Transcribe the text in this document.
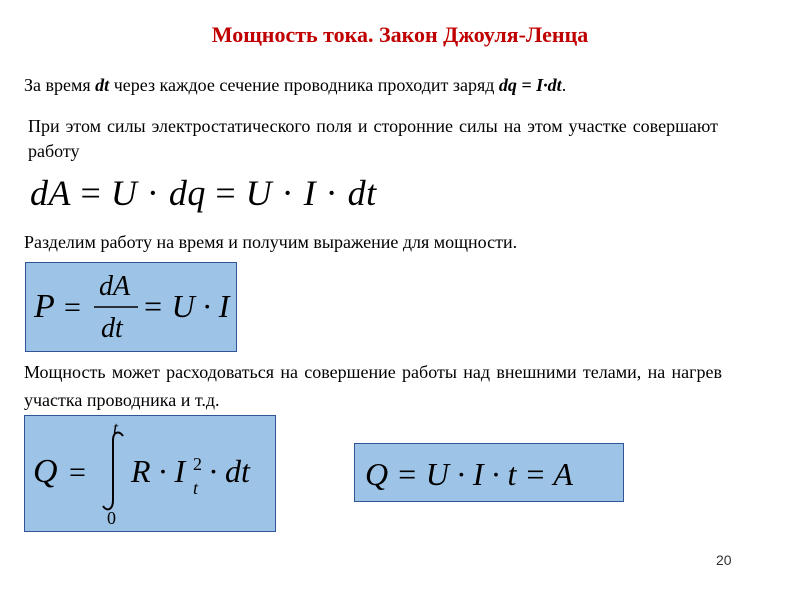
Мощность тока. Закон Джоуля-Ленца
За время dt через каждое сечение проводника проходит заряд dq = I·dt.
При этом силы электростатического поля и сторонние силы на этом участке совершают работу
dA = U · dq = U · I · dt
Разделим работу на время и получим выражение для мощности.
P =
dA
dt
= U · I
Мощность может расходоваться на совершение работы над внешними телами, на нагрев участка проводника и т.д.
Q =
t
0
R · I 2
t · dt	Q = U · I · t = A
20
